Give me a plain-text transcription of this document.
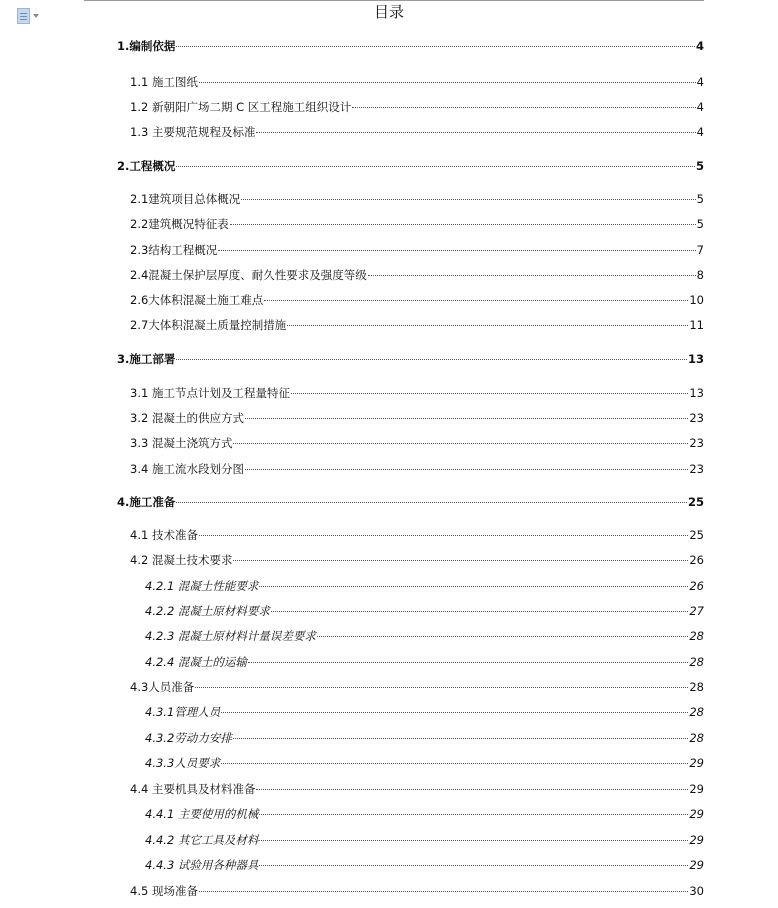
目录
1.编制依据	4
1.1 施工图纸	4
1.2 新朝阳广场二期 C 区工程施工组织设计	4
1.3 主要规范规程及标准	4
2.工程概况	5
2.1建筑项目总体概况	5
2.2建筑概况特征表	5
2.3结构工程概况	7
2.4混凝土保护层厚度、耐久性要求及强度等级	8
2.6大体积混凝土施工难点	10
2.7大体积混凝土质量控制措施	11
3.施工部署	13
3.1 施工节点计划及工程量特征	13
3.2 混凝土的供应方式	23
3.3 混凝土浇筑方式	23
3.4 施工流水段划分图	23
4.施工准备	25
4.1 技术准备	25
4.2 混凝土技术要求	26
4.2.1 混凝土性能要求	26
4.2.2 混凝土原材料要求	27
4.2.3 混凝土原材料计量误差要求	28
4.2.4 混凝土的运输	28
4.3人员准备	28
4.3.1管理人员	28
4.3.2劳动力安排	28
4.3.3人员要求	29
4.4 主要机具及材料准备	29
4.4.1 主要使用的机械	29
4.4.2 其它工具及材料	29
4.4.3 试验用各种器具	29
4.5 现场准备	30
